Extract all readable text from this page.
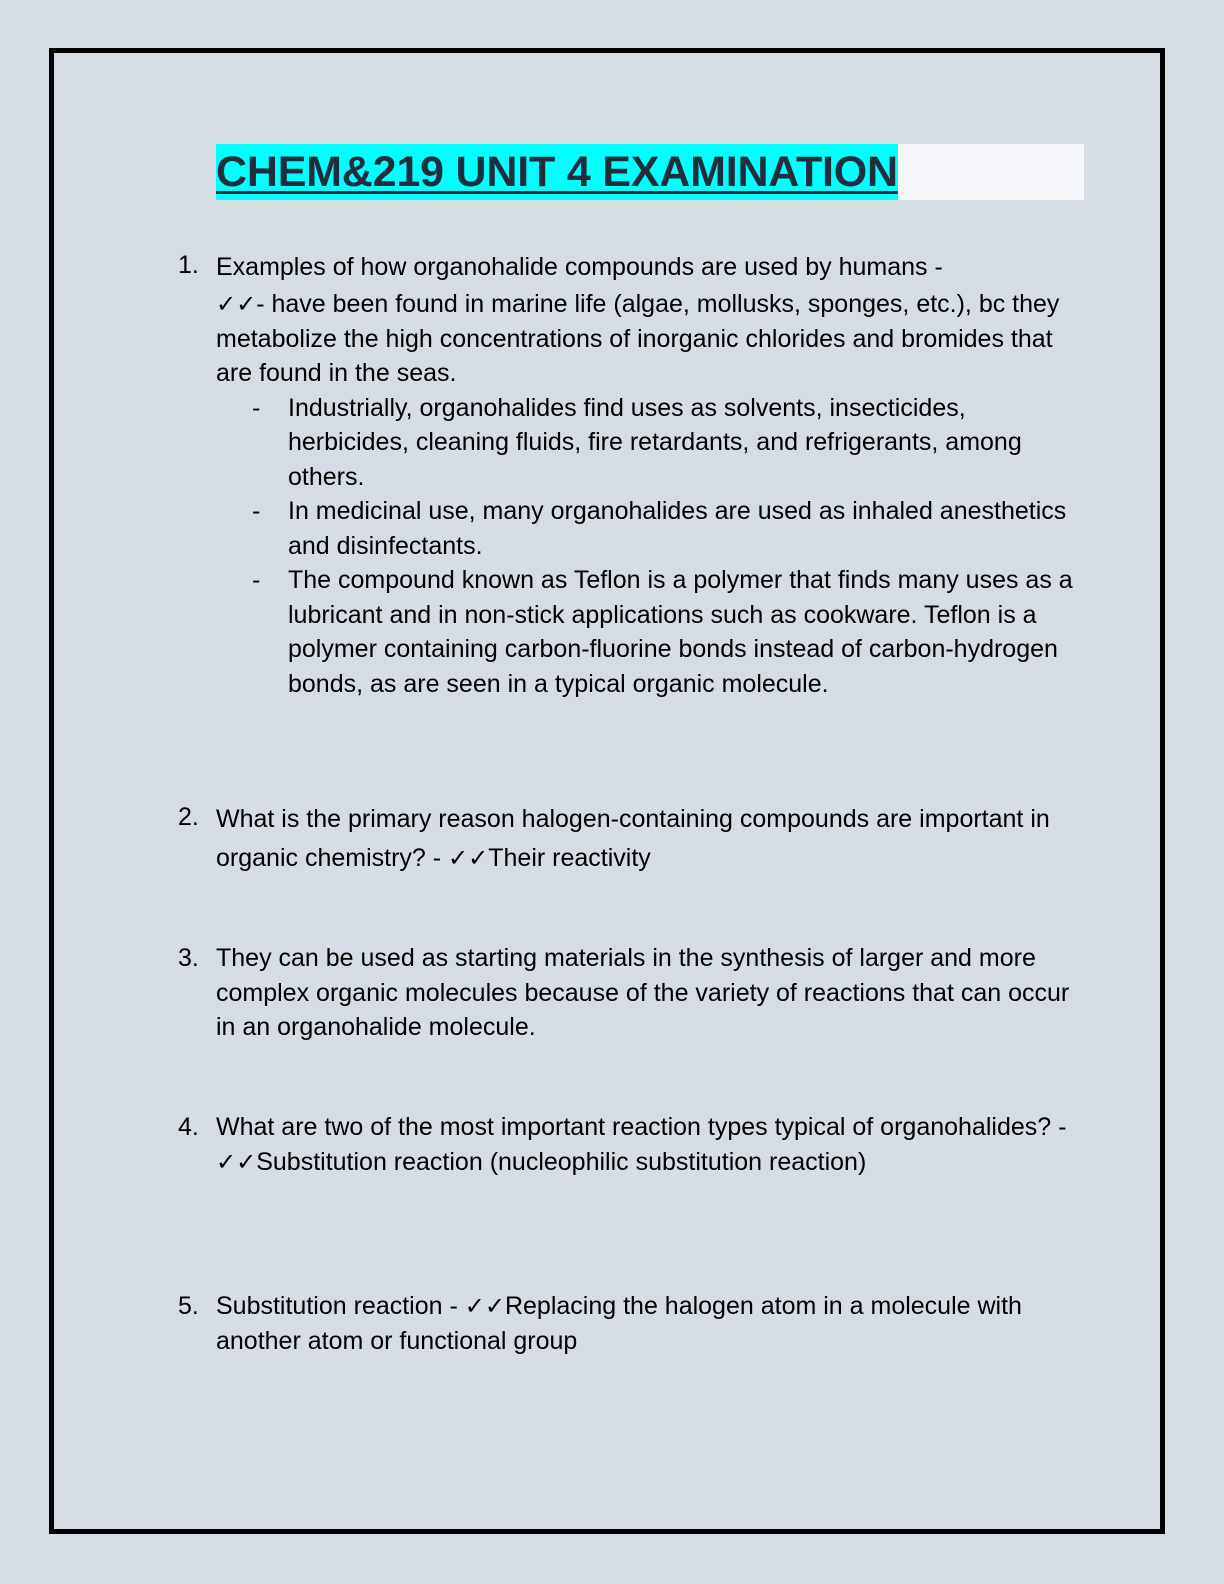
CHEM&219 UNIT 4 EXAMINATION
1. Examples of how organohalide compounds are used by humans -
✓✓- have been found in marine life (algae, mollusks, sponges, etc.), bc they metabolize the high concentrations of inorganic chlorides and bromides that are found in the seas.
- Industrially, organohalides find uses as solvents, insecticides, herbicides, cleaning fluids, fire retardants, and refrigerants, among others.
- In medicinal use, many organohalides are used as inhaled anesthetics and disinfectants.
- The compound known as Teflon is a polymer that finds many uses as a lubricant and in non-stick applications such as cookware. Teflon is a polymer containing carbon-fluorine bonds instead of carbon-hydrogen bonds, as are seen in a typical organic molecule.
2. What is the primary reason halogen-containing compounds are important in organic chemistry? - ✓✓Their reactivity
3. They can be used as starting materials in the synthesis of larger and more complex organic molecules because of the variety of reactions that can occur in an organohalide molecule.
4. What are two of the most important reaction types typical of organohalides? - ✓✓Substitution reaction (nucleophilic substitution reaction)
5. Substitution reaction - ✓✓Replacing the halogen atom in a molecule with another atom or functional group
